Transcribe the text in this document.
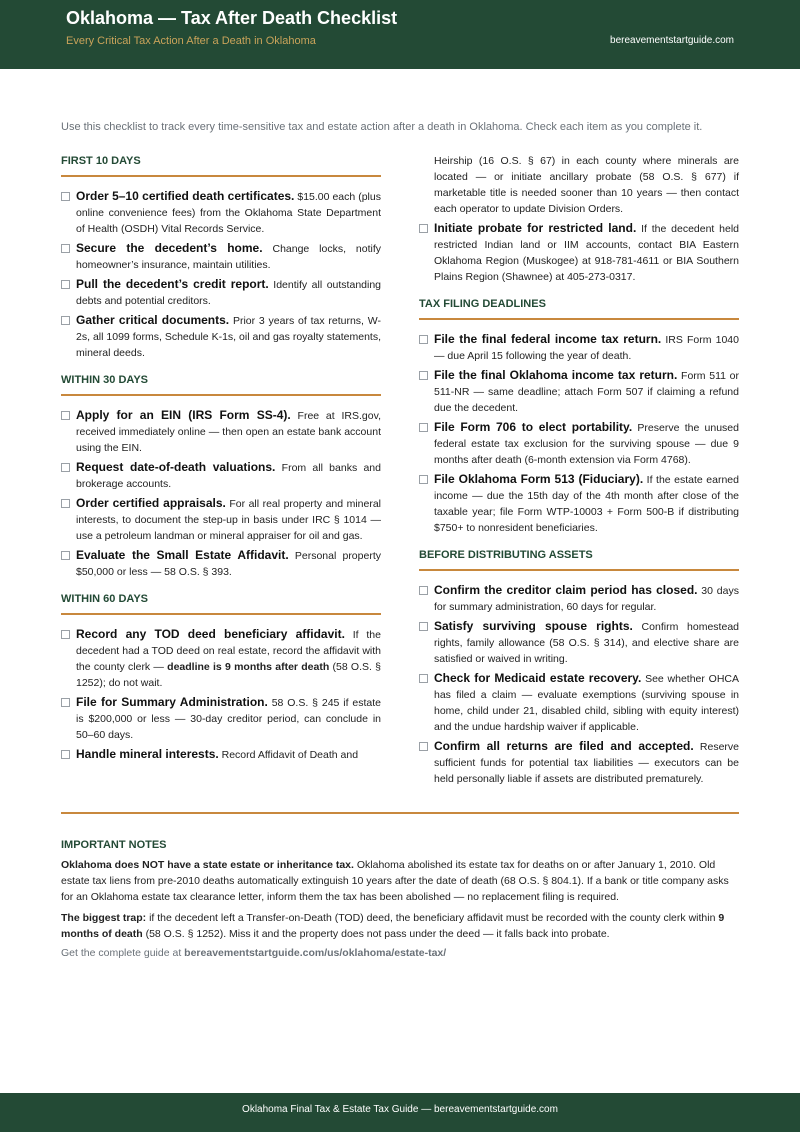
Oklahoma — Tax After Death Checklist
Every Critical Tax Action After a Death in Oklahoma	bereavementstartguide.com
Use this checklist to track every time-sensitive tax and estate action after a death in Oklahoma. Check each item as you complete it.
FIRST 10 DAYS
Order 5–10 certified death certificates. $15.00 each (plus online convenience fees) from the Oklahoma State Department of Health (OSDH) Vital Records Service.
Secure the decedent’s home. Change locks, notify homeowner’s insurance, maintain utilities.
Pull the decedent’s credit report. Identify all outstanding debts and potential creditors.
Gather critical documents. Prior 3 years of tax returns, W-2s, all 1099 forms, Schedule K-1s, oil and gas royalty statements, mineral deeds.
WITHIN 30 DAYS
Apply for an EIN (IRS Form SS-4). Free at IRS.gov, received immediately online — then open an estate bank account using the EIN.
Request date-of-death valuations. From all banks and brokerage accounts.
Order certified appraisals. For all real property and mineral interests, to document the step-up in basis under IRC § 1014 — use a petroleum landman or mineral appraiser for oil and gas.
Evaluate the Small Estate Affidavit. Personal property $50,000 or less — 58 O.S. § 393.
WITHIN 60 DAYS
Record any TOD deed beneficiary affidavit. If the decedent had a TOD deed on real estate, record the affidavit with the county clerk — deadline is 9 months after death (58 O.S. § 1252); do not wait.
File for Summary Administration. 58 O.S. § 245 if estate is $200,000 or less — 30-day creditor period, can conclude in 50–60 days.
Handle mineral interests. Record Affidavit of Death and
Heirship (16 O.S. § 67) in each county where minerals are located — or initiate ancillary probate (58 O.S. § 677) if marketable title is needed sooner than 10 years — then contact each operator to update Division Orders.
Initiate probate for restricted land. If the decedent held restricted Indian land or IIM accounts, contact BIA Eastern Oklahoma Region (Muskogee) at 918-781-4611 or BIA Southern Plains Region (Shawnee) at 405-273-0317.
TAX FILING DEADLINES
File the final federal income tax return. IRS Form 1040 — due April 15 following the year of death.
File the final Oklahoma income tax return. Form 511 or 511-NR — same deadline; attach Form 507 if claiming a refund due the decedent.
File Form 706 to elect portability. Preserve the unused federal estate tax exclusion for the surviving spouse — due 9 months after death (6-month extension via Form 4768).
File Oklahoma Form 513 (Fiduciary). If the estate earned income — due the 15th day of the 4th month after close of the taxable year; file Form WTP-10003 + Form 500-B if distributing $750+ to nonresident beneficiaries.
BEFORE DISTRIBUTING ASSETS
Confirm the creditor claim period has closed. 30 days for summary administration, 60 days for regular.
Satisfy surviving spouse rights. Confirm homestead rights, family allowance (58 O.S. § 314), and elective share are satisfied or waived in writing.
Check for Medicaid estate recovery. See whether OHCA has filed a claim — evaluate exemptions (surviving spouse in home, child under 21, disabled child, sibling with equity interest) and the undue hardship waiver if applicable.
Confirm all returns are filed and accepted. Reserve sufficient funds for potential tax liabilities — executors can be held personally liable if assets are distributed prematurely.
IMPORTANT NOTES
Oklahoma does NOT have a state estate or inheritance tax. Oklahoma abolished its estate tax for deaths on or after January 1, 2010. Old estate tax liens from pre-2010 deaths automatically extinguish 10 years after the date of death (68 O.S. § 804.1). If a bank or title company asks for an Oklahoma estate tax clearance letter, inform them the tax has been abolished — no replacement filing is required.
The biggest trap: if the decedent left a Transfer-on-Death (TOD) deed, the beneficiary affidavit must be recorded with the county clerk within 9 months of death (58 O.S. § 1252). Miss it and the property does not pass under the deed — it falls back into probate.
Get the complete guide at bereavementstartguide.com/us/oklahoma/estate-tax/
Oklahoma Final Tax & Estate Tax Guide — bereavementstartguide.com
